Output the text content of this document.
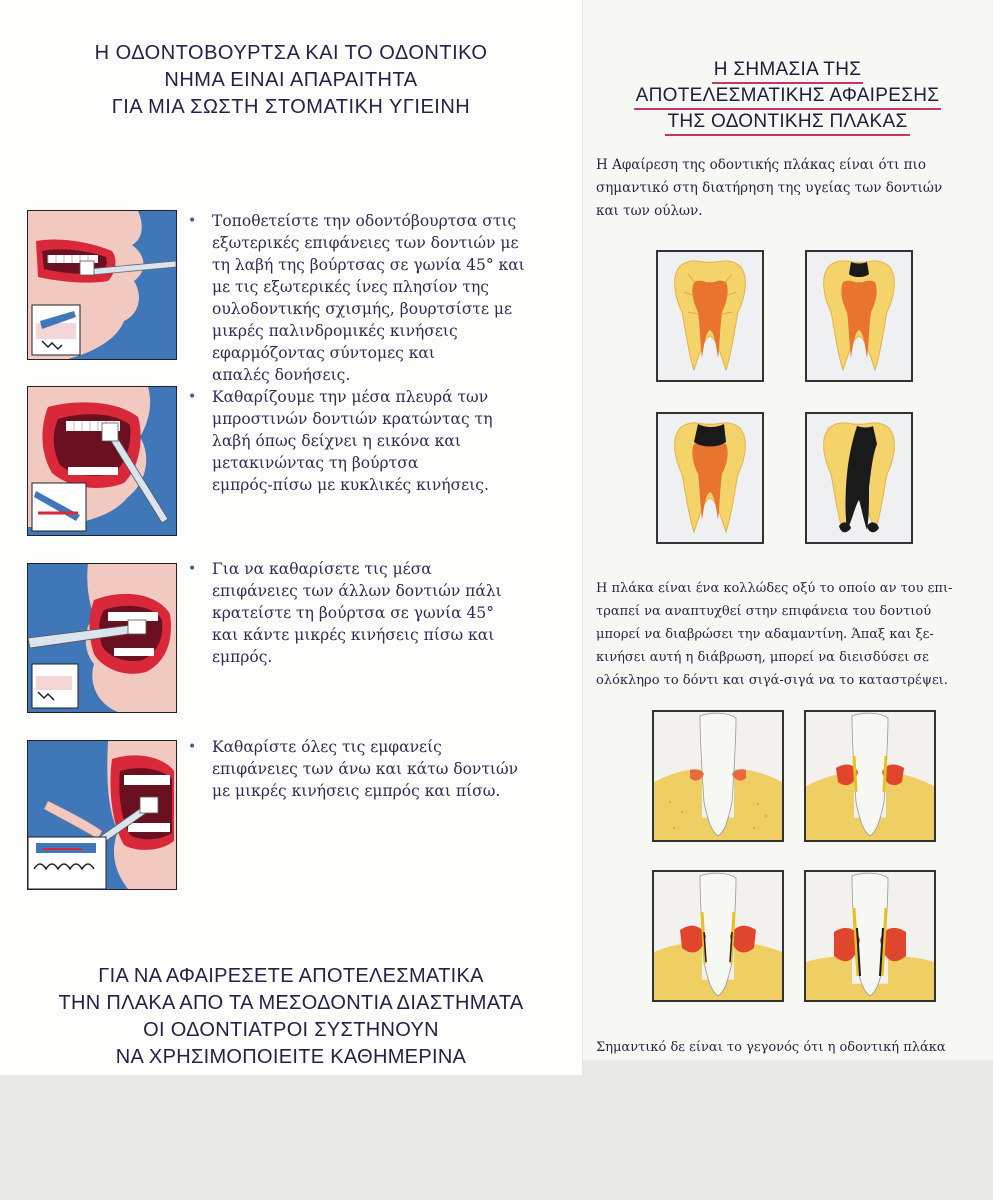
Η ΟΔΟΝΤΟΒΟΥΡΤΣΑ ΚΑΙ ΤΟ ΟΔΟΝΤΙΚΟ
ΝΗΜΑ ΕΙΝΑΙ ΑΠΑΡΑΙΤΗΤΑ
ΓΙΑ ΜΙΑ ΣΩΣΤΗ ΣΤΟΜΑΤΙΚΗ ΥΓΙΕΙΝΗ
• Τοποθετείστε την οδοντόβουρτσα στις
εξωτερικές επιφάνειες των δοντιών με
τη λαβή της βούρτσας σε γωνία 45° και
με τις εξωτερικές ίνες πλησίον της
ουλοδοντικής σχισμής, βουρτσίστε με
μικρές παλινδρομικές κινήσεις
εφαρμόζοντας σύντομες και
απαλές δονήσεις.
• Καθαρίζουμε την μέσα πλευρά των
μπροστινών δοντιών κρατώντας τη
λαβή όπως δείχνει η εικόνα και
μετακινώντας τη βούρτσα
εμπρός-πίσω με κυκλικές κινήσεις.
• Για να καθαρίσετε τις μέσα
επιφάνειες των άλλων δοντιών πάλι
κρατείστε τη βούρτσα σε γωνία 45°
και κάντε μικρές κινήσεις πίσω και
εμπρός.
• Καθαρίστε όλες τις εμφανείς
επιφάνειες των άνω και κάτω δοντιών
με μικρές κινήσεις εμπρός και πίσω.
ΓΙΑ ΝΑ ΑΦΑΙΡΕΣΕΤΕ ΑΠΟΤΕΛΕΣΜΑΤΙΚΑ
ΤΗΝ ΠΛΑΚΑ ΑΠΟ ΤΑ ΜΕΣΟΔΟΝΤΙΑ ΔΙΑΣΤΗΜΑΤΑ
ΟΙ ΟΔΟΝΤΙΑΤΡΟΙ ΣΥΣΤΗΝΟΥΝ
ΝΑ ΧΡΗΣΙΜΟΠΟΙΕΙΤΕ ΚΑΘΗΜΕΡΙΝΑ
Η ΣΗΜΑΣΙΑ ΤΗΣ
ΑΠΟΤΕΛΕΣΜΑΤΙΚΗΣ ΑΦΑΙΡΕΣΗΣ
ΤΗΣ ΟΔΟΝΤΙΚΗΣ ΠΛΑΚΑΣ
Η Αφαίρεση της οδοντικής πλάκας είναι ότι πιο
σημαντικό στη διατήρηση της υγείας των δοντιών
και των ούλων.
Η πλάκα είναι ένα κολλώδες οξύ το οποίο αν του επι-
τραπεί να αναπτυχθεί στην επιφάνεια του δοντιού
μπορεί να διαβρώσει την αδαμαντίνη. Άπαξ και ξε-
κινήσει αυτή η διάβρωση, μπορεί να διεισδύσει σε
ολόκληρο το δόντι και σιγά-σιγά να το καταστρέψει.
Σημαντικό δε είναι το γεγονός ότι η οδοντική πλάκα
